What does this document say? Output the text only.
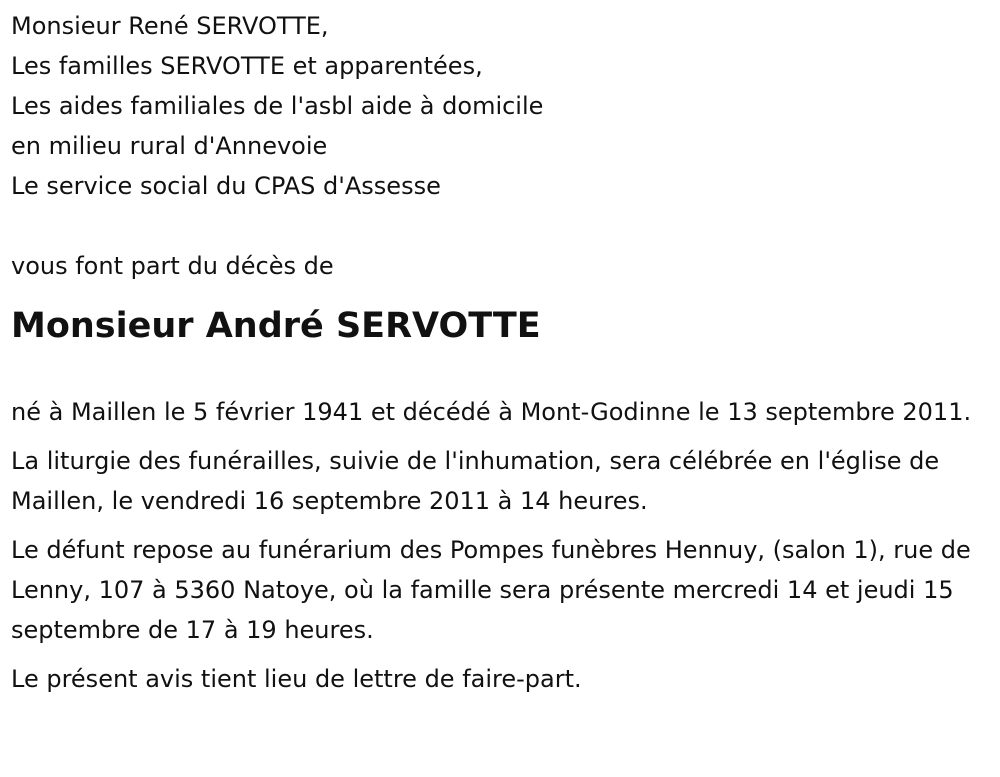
Monsieur René SERVOTTE,

Les familles SERVOTTE et apparentées,

Les aides familiales de l'asbl aide à domicile

en milieu rural d'Annevoie

Le service social du CPAS d'Assesse

vous font part du décès de

Monsieur André SERVOTTE

né à Maillen le 5 février 1941 et décédé à Mont-Godinne le 13 septembre 2011.

La liturgie des funérailles, suivie de l'inhumation, sera célébrée en l'église de Maillen, le vendredi 16 septembre 2011 à 14 heures.

Le défunt repose au funérarium des Pompes funèbres Hennuy, (salon 1), rue de Lenny, 107 à 5360 Natoye, où la famille sera présente mercredi 14 et jeudi 15 septembre de 17 à 19 heures.

Le présent avis tient lieu de lettre de faire-part.
